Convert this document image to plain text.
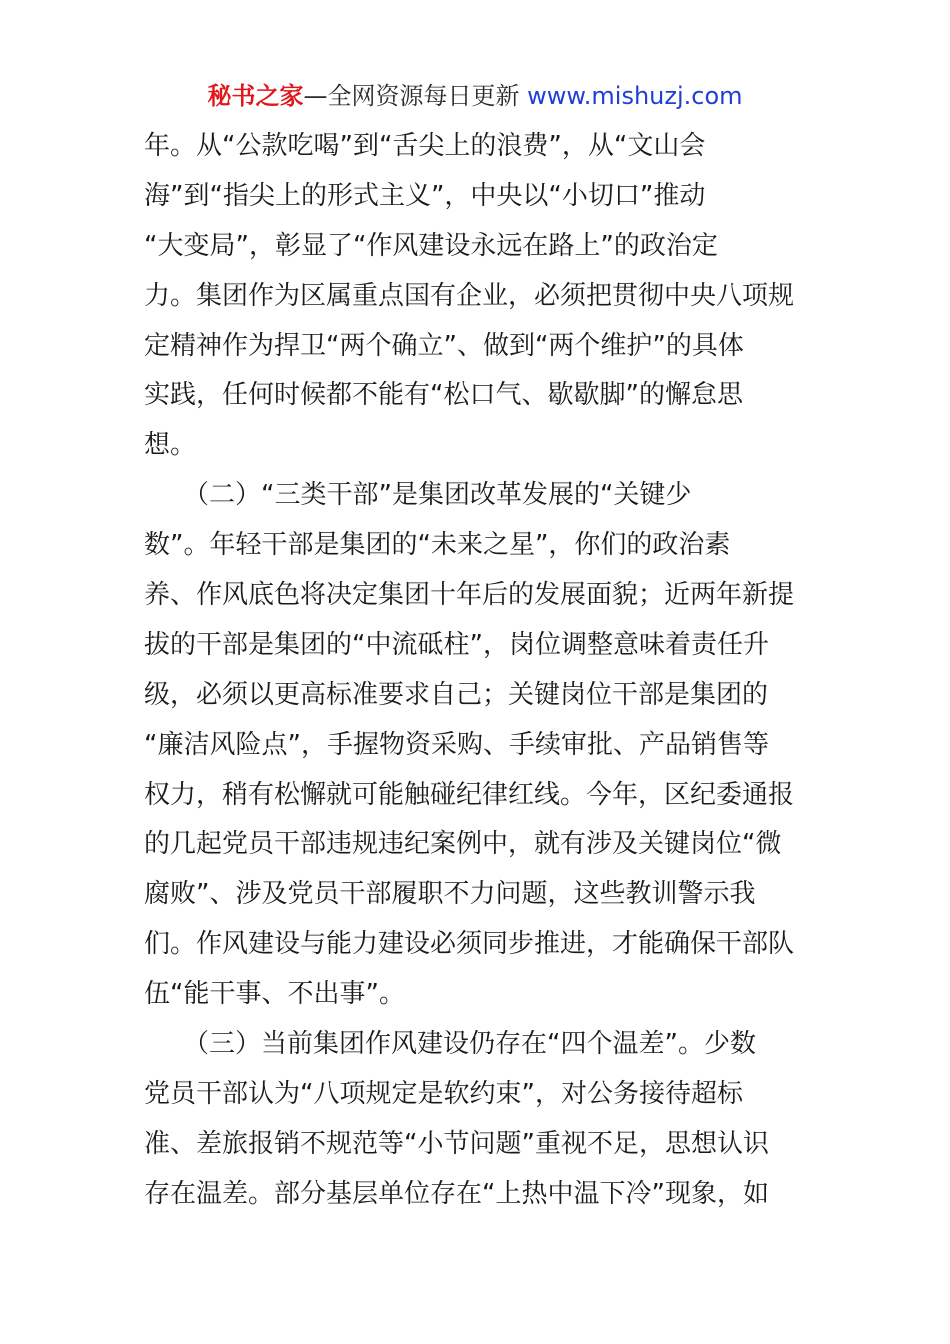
秘书之家—全网资源每日更新 www.mishuzj.com
年。从“公款吃喝”到“舌尖上的浪费”，从“文山会
海”到“指尖上的形式主义”，中央以“小切口”推动
“大变局”，彰显了“作风建设永远在路上”的政治定
力。集团作为区属重点国有企业，必须把贯彻中央八项规
定精神作为捍卫“两个确立”、做到“两个维护”的具体
实践，任何时候都不能有“松口气、歇歇脚”的懈怠思
想。
　　（二）“三类干部”是集团改革发展的“关键少
数”。年轻干部是集团的“未来之星”，你们的政治素
养、作风底色将决定集团十年后的发展面貌；近两年新提
拔的干部是集团的“中流砥柱”，岗位调整意味着责任升
级，必须以更高标准要求自己；关键岗位干部是集团的
“廉洁风险点”，手握物资采购、手续审批、产品销售等
权力，稍有松懈就可能触碰纪律红线。今年，区纪委通报
的几起党员干部违规违纪案例中，就有涉及关键岗位“微
腐败”、涉及党员干部履职不力问题，这些教训警示我
们。作风建设与能力建设必须同步推进，才能确保干部队
伍“能干事、不出事”。
　　（三）当前集团作风建设仍存在“四个温差”。少数
党员干部认为“八项规定是软约束”，对公务接待超标
准、差旅报销不规范等“小节问题”重视不足，思想认识
存在温差。部分基层单位存在“上热中温下冷”现象，如
